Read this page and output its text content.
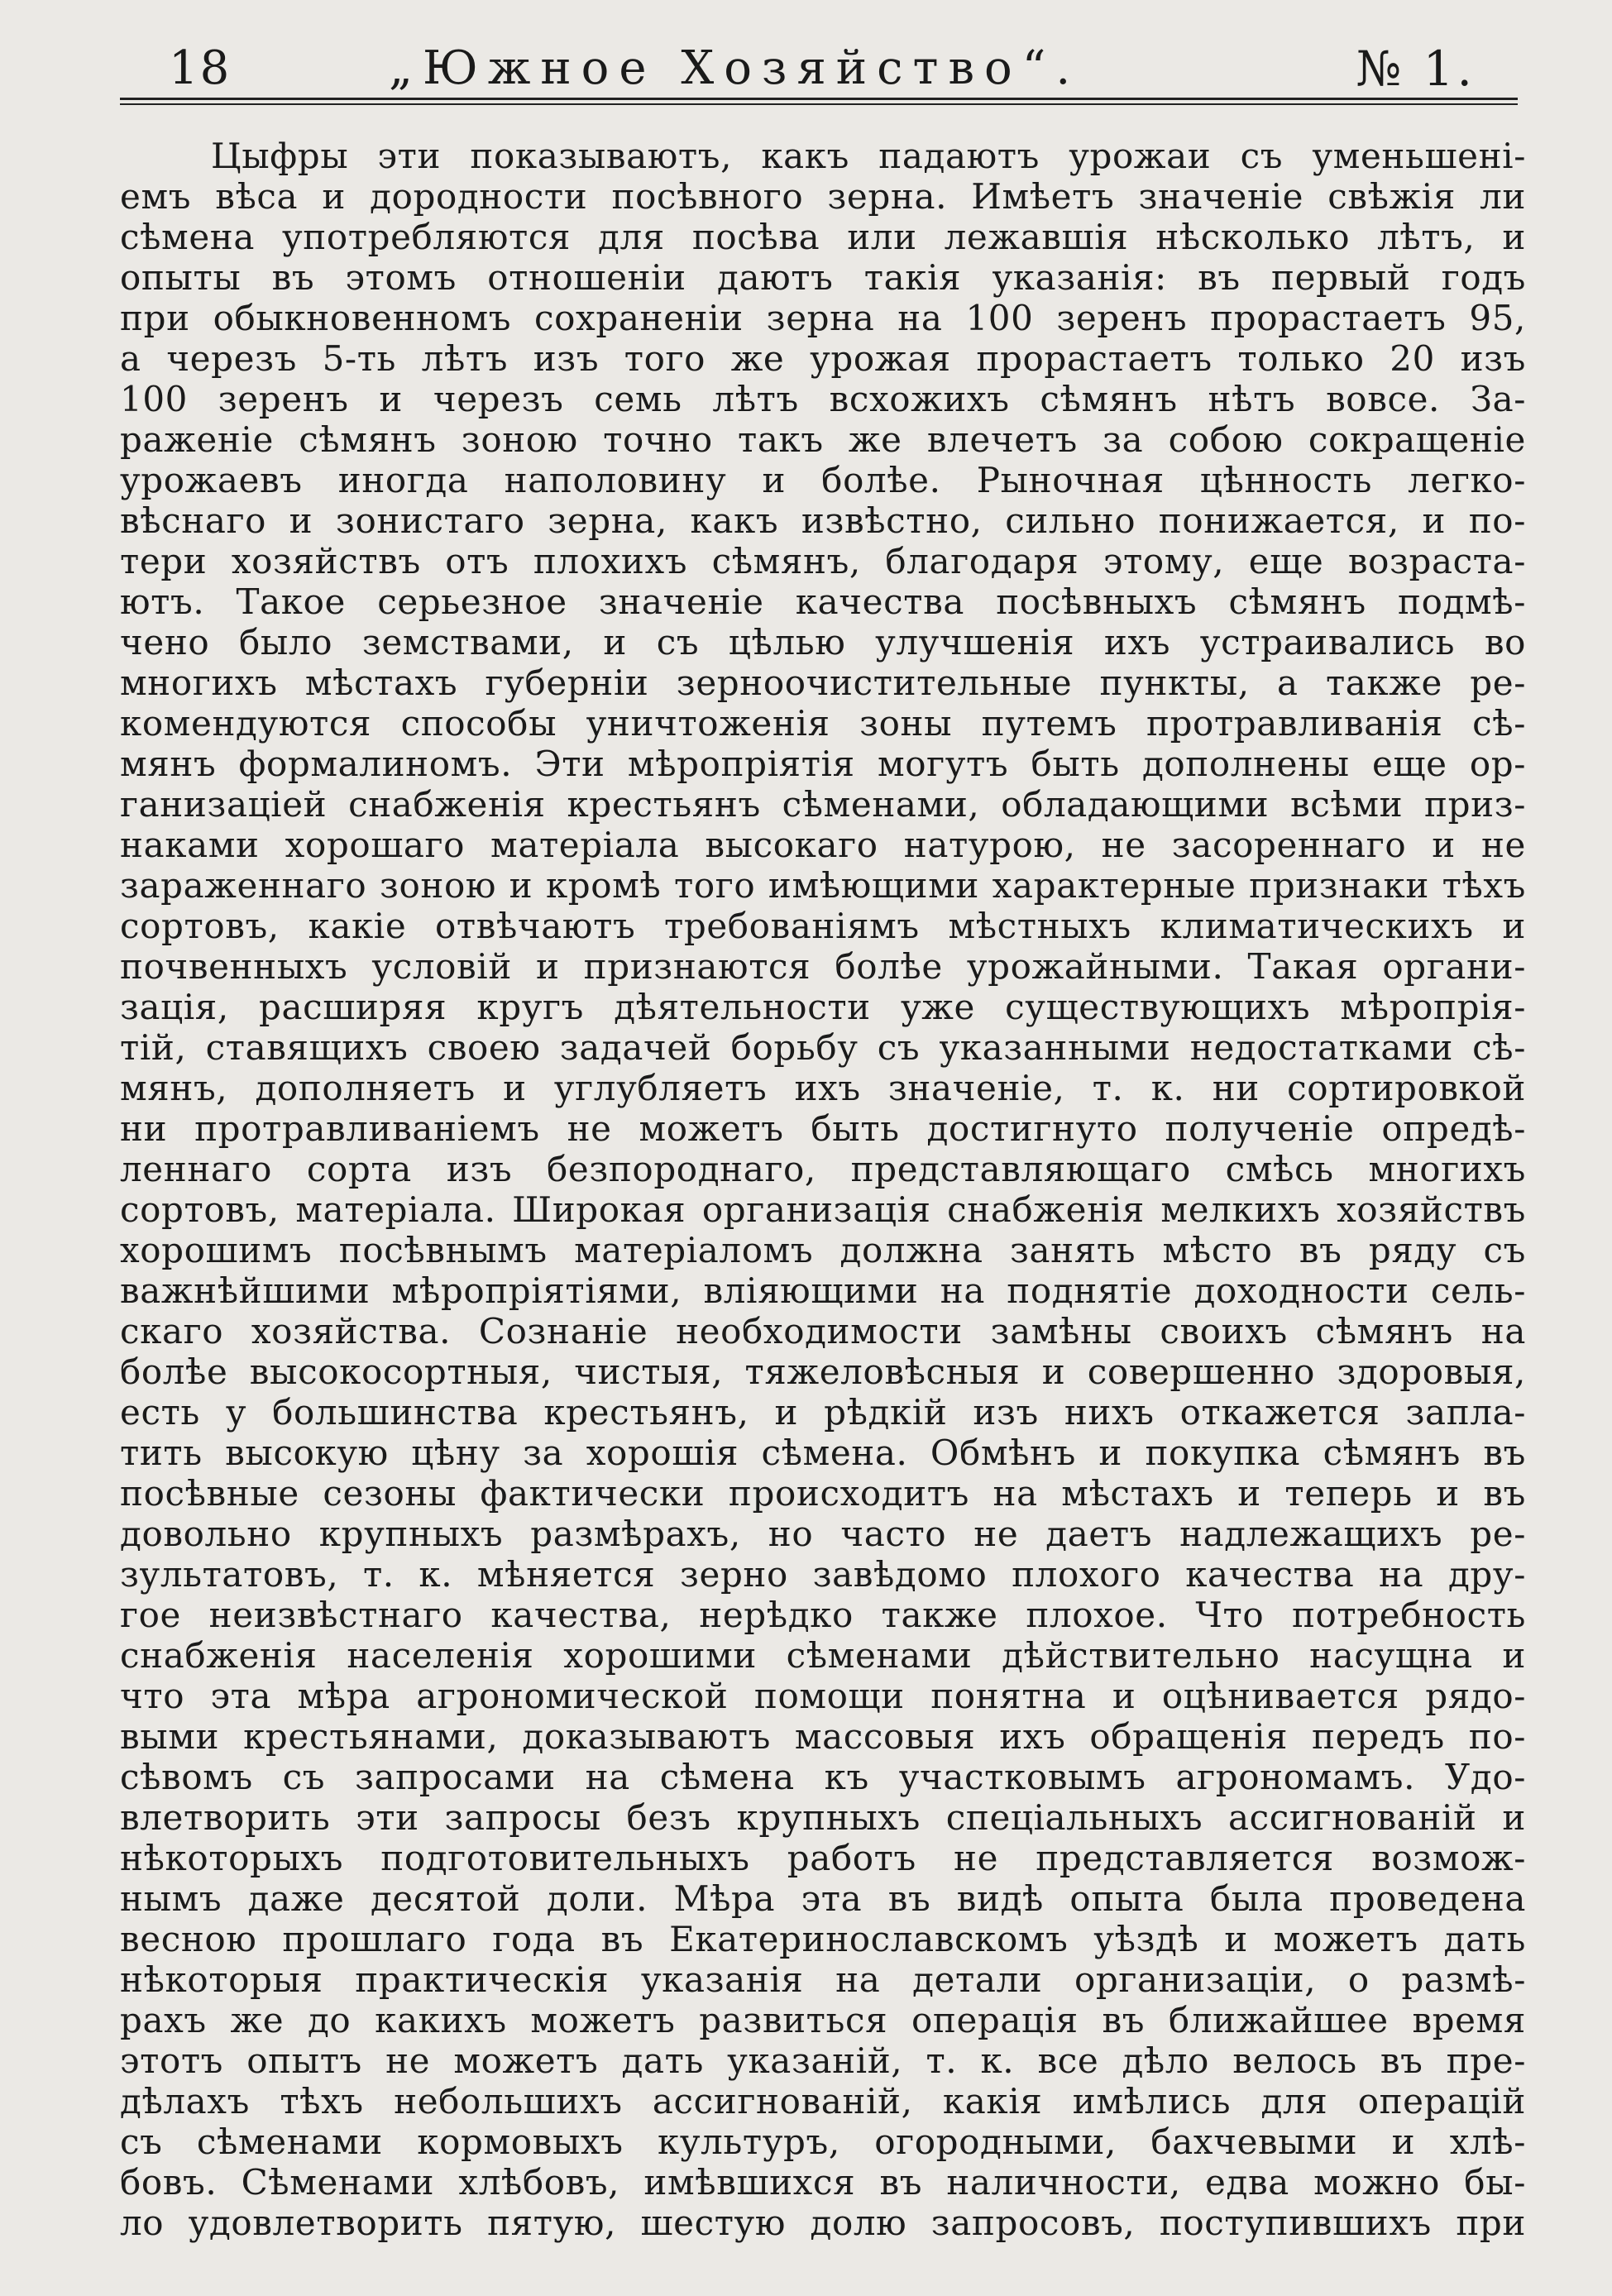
18	„Южное Хозяйство“.	№ 1.
Цыфры эти показываютъ, какъ падаютъ урожаи съ уменьшені-
емъ вѣса и дородности посѣвного зерна. Имѣетъ значеніе свѣжія ли
сѣмена употребляются для посѣва или лежавшія нѣсколько лѣтъ, и
опыты въ этомъ отношеніи даютъ такія указанія: въ первый годъ
при обыкновенномъ сохраненіи зерна на 100 зеренъ прорастаетъ 95,
а черезъ 5-ть лѣтъ изъ того же урожая прорастаетъ только 20 изъ
100 зеренъ и черезъ семь лѣтъ всхожихъ сѣмянъ нѣтъ вовсе. За-
раженіе сѣмянъ зоною точно такъ же влечетъ за собою сокращеніе
урожаевъ иногда наполовину и болѣе. Рыночная цѣнность легко-
вѣснаго и зонистаго зерна, какъ извѣстно, сильно понижается, и по-
тери хозяйствъ отъ плохихъ сѣмянъ, благодаря этому, еще возраста-
ютъ. Такое серьезное значеніе качества посѣвныхъ сѣмянъ подмѣ-
чено было земствами, и съ цѣлью улучшенія ихъ устраивались во
многихъ мѣстахъ губерніи зерноочистительные пункты, а также ре-
комендуются способы уничтоженія зоны путемъ протравливанія сѣ-
мянъ формалиномъ. Эти мѣропріятія могутъ быть дополнены еще ор-
ганизаціей снабженія крестьянъ сѣменами, обладающими всѣми приз-
наками хорошаго матеріала высокаго натурою, не засореннаго и не
зараженнаго зоною и кромѣ того имѣющими характерные признаки тѣхъ
сортовъ, какіе отвѣчаютъ требованіямъ мѣстныхъ климатическихъ и
почвенныхъ условій и признаются болѣе урожайными. Такая органи-
зація, расширяя кругъ дѣятельности уже существующихъ мѣропрія-
тій, ставящихъ своею задачей борьбу съ указанными недостатками сѣ-
мянъ, дополняетъ и углубляетъ ихъ значеніе, т. к. ни сортировкой
ни протравливаніемъ не можетъ быть достигнуто полученіе опредѣ-
леннаго сорта изъ безпороднаго, представляющаго смѣсь многихъ
сортовъ, матеріала. Широкая организація снабженія мелкихъ хозяйствъ
хорошимъ посѣвнымъ матеріаломъ должна занять мѣсто въ ряду съ
важнѣйшими мѣропріятіями, вліяющими на поднятіе доходности сель-
скаго хозяйства. Сознаніе необходимости замѣны своихъ сѣмянъ на
болѣе высокосортныя, чистыя, тяжеловѣсныя и совершенно здоровыя,
есть у большинства крестьянъ, и рѣдкій изъ нихъ откажется запла-
тить высокую цѣну за хорошія сѣмена. Обмѣнъ и покупка сѣмянъ въ
посѣвные сезоны фактически происходитъ на мѣстахъ и теперь и въ
довольно крупныхъ размѣрахъ, но часто не даетъ надлежащихъ ре-
зультатовъ, т. к. мѣняется зерно завѣдомо плохого качества на дру-
гое неизвѣстнаго качества, нерѣдко также плохое. Что потребность
снабженія населенія хорошими сѣменами дѣйствительно насущна и
что эта мѣра агрономической помощи понятна и оцѣнивается рядо-
выми крестьянами, доказываютъ массовыя ихъ обращенія передъ по-
сѣвомъ съ запросами на сѣмена къ участковымъ агрономамъ. Удо-
влетворить эти запросы безъ крупныхъ спеціальныхъ ассигнованій и
нѣкоторыхъ подготовительныхъ работъ не представляется возмож-
нымъ даже десятой доли. Мѣра эта въ видѣ опыта была проведена
весною прошлаго года въ Екатеринославскомъ уѣздѣ и можетъ дать
нѣкоторыя практическія указанія на детали организаціи, о размѣ-
рахъ же до какихъ можетъ развиться операція въ ближайшее время
этотъ опытъ не можетъ дать указаній, т. к. все дѣло велось въ пре-
дѣлахъ тѣхъ небольшихъ ассигнованій, какія имѣлись для операцій
съ сѣменами кормовыхъ культуръ, огородными, бахчевыми и хлѣ-
бовъ. Сѣменами хлѣбовъ, имѣвшихся въ наличности, едва можно бы-
ло удовлетворить пятую, шестую долю запросовъ, поступившихъ при
